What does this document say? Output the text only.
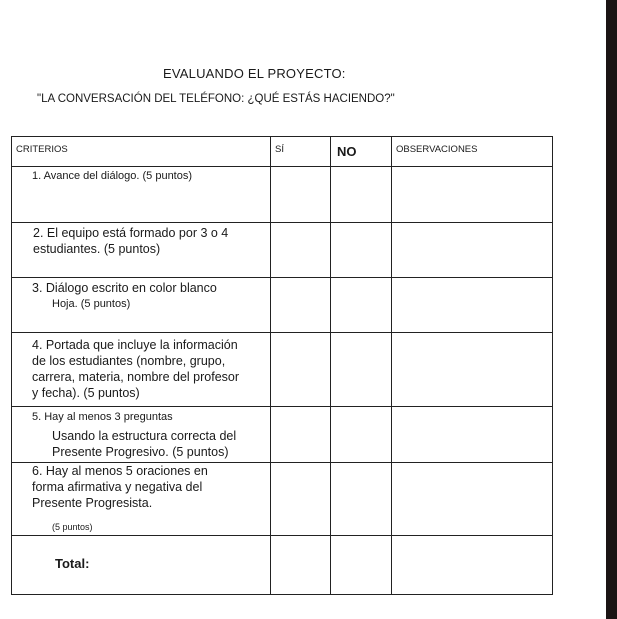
EVALUANDO EL PROYECTO:
"LA CONVERSACIÓN DEL TELÉFONO: ¿QUÉ ESTÁS HACIENDO?"
CRITERIOS	SÍ	NO	OBSERVACIONES

1. Avance del diálogo. (5 puntos)			

2. El equipo está formado por 3 o 4
estudiantes. (5 puntos)			

3. Diálogo escrito en color blanco
Hoja. (5 puntos)			

4. Portada que incluye la información
de los estudiantes (nombre, grupo,
carrera, materia, nombre del profesor
y fecha). (5 puntos)			

5. Hay al menos 3 preguntas
Usando la estructura correcta del
Presente Progresivo. (5 puntos)			

6. Hay al menos 5 oraciones en
forma afirmativa y negativa del
Presente Progresista.
(5 puntos)			

Total:			
